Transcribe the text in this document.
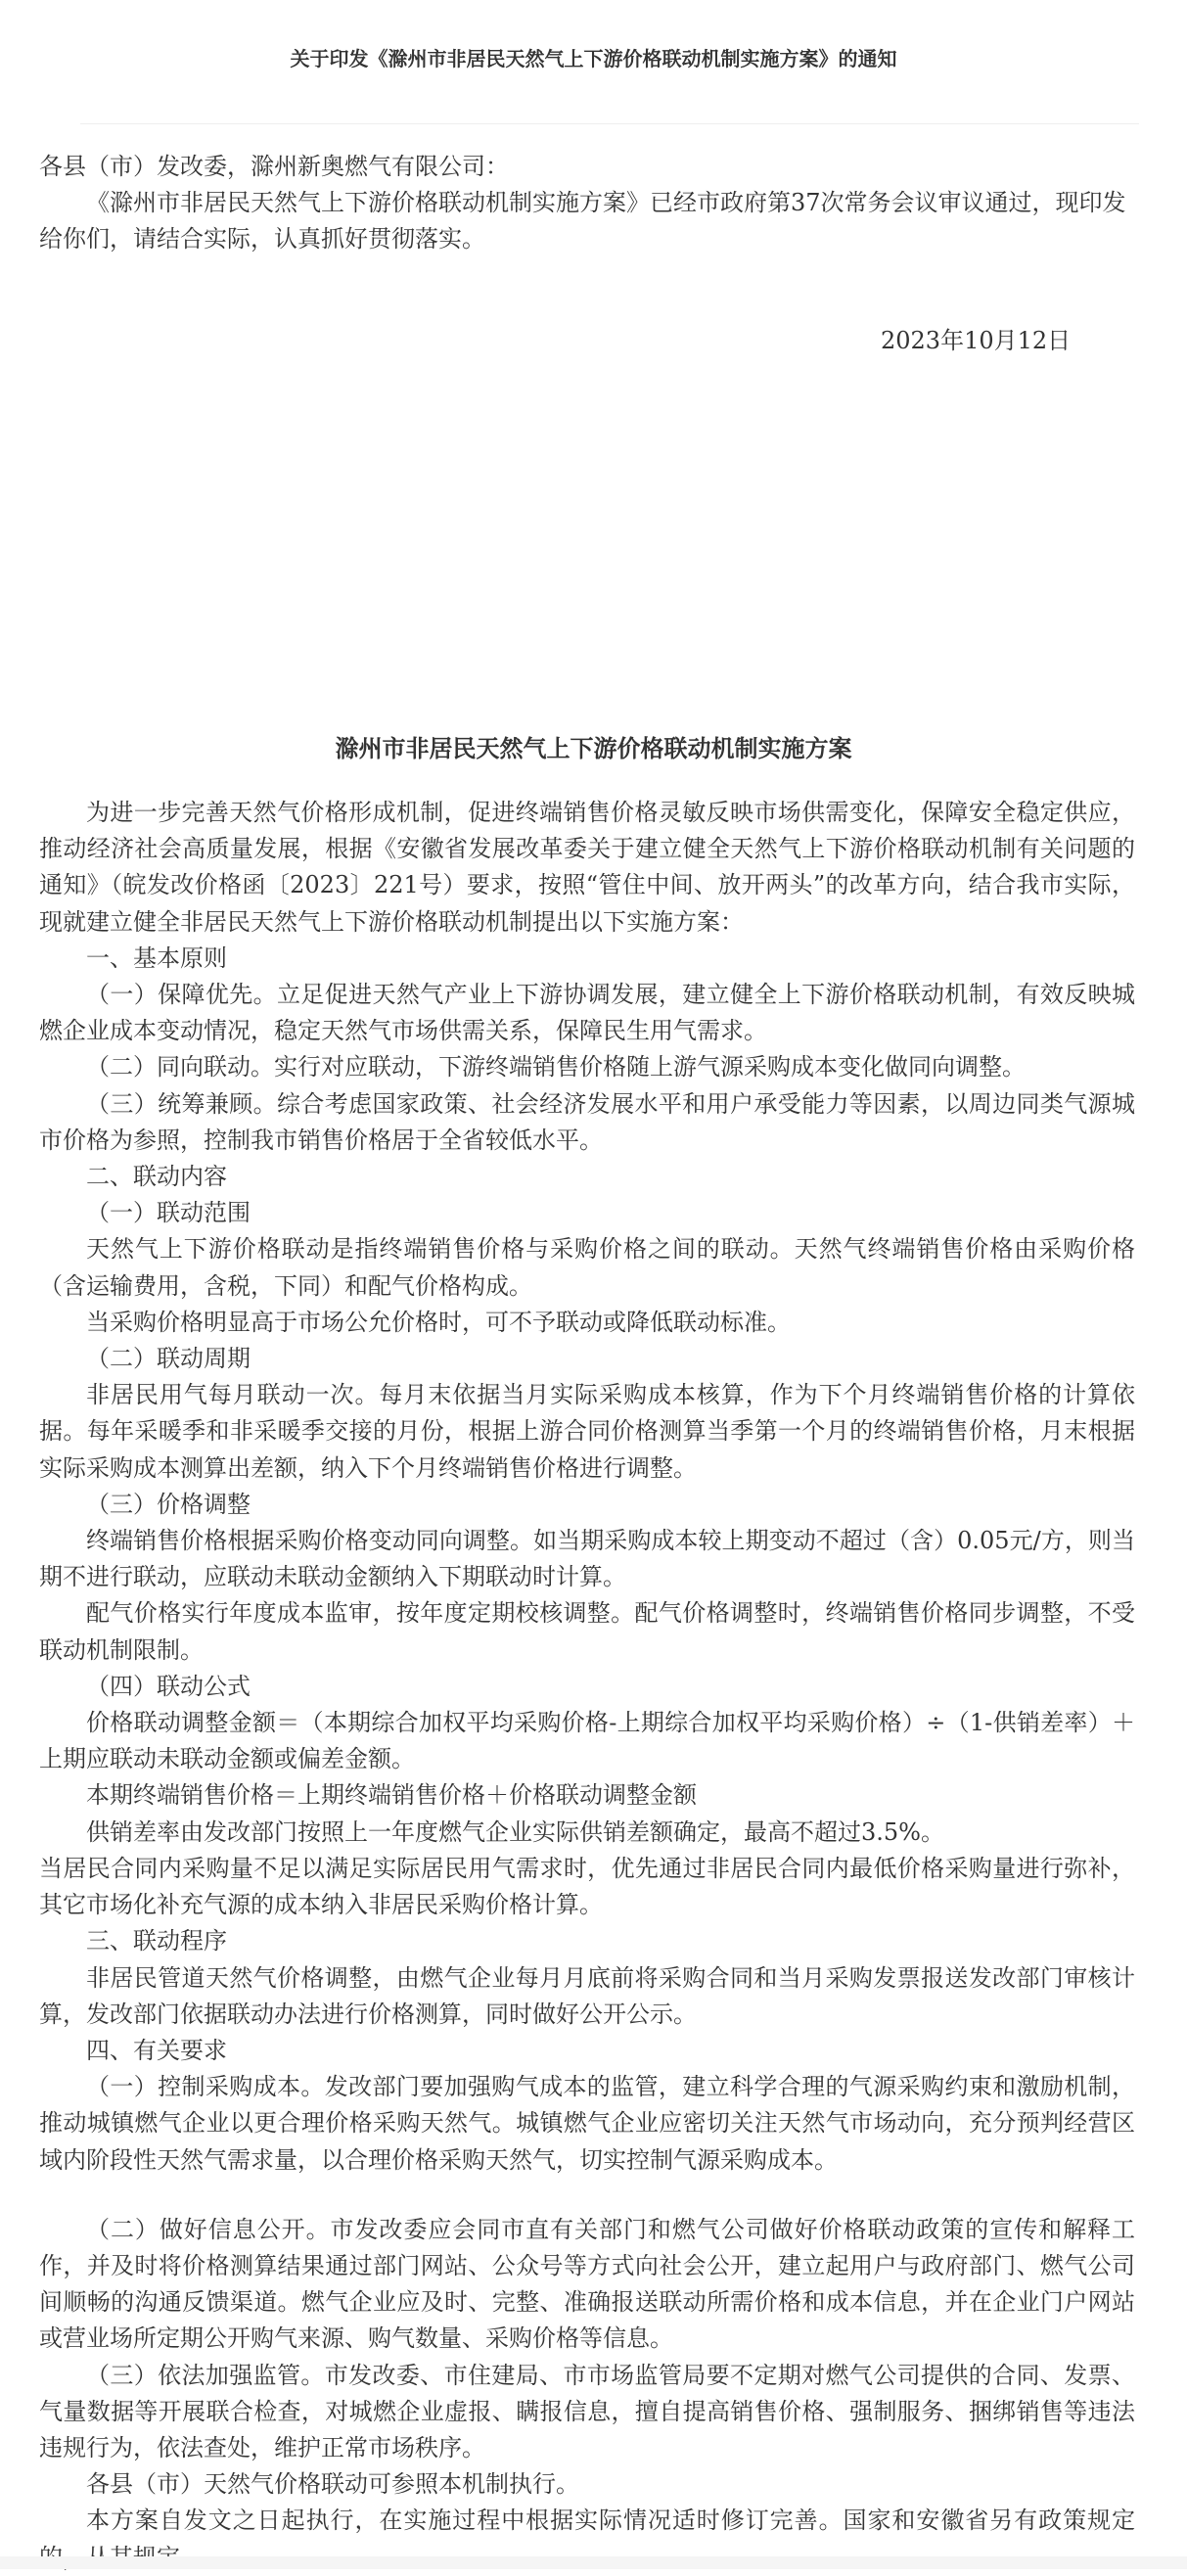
关于印发《滁州市非居民天然气上下游价格联动机制实施方案》的通知

各县（市）发改委，滁州新奥燃气有限公司：

《滁州市非居民天然气上下游价格联动机制实施方案》已经市政府第37次常务会议审议通过，现印发给你们，请结合实际，认真抓好贯彻落实。

2023年10月12日
滁州市非居民天然气上下游价格联动机制实施方案

为进一步完善天然气价格形成机制，促进终端销售价格灵敏反映市场供需变化，保障安全稳定供应，推动经济社会高质量发展，根据《安徽省发展改革委关于建立健全天然气上下游价格联动机制有关问题的通知》（皖发改价格函〔2023〕221号）要求，按照“管住中间、放开两头”的改革方向，结合我市实际，现就建立健全非居民天然气上下游价格联动机制提出以下实施方案：

一、基本原则

（一）保障优先。立足促进天然气产业上下游协调发展，建立健全上下游价格联动机制，有效反映城燃企业成本变动情况，稳定天然气市场供需关系，保障民生用气需求。

（二）同向联动。实行对应联动，下游终端销售价格随上游气源采购成本变化做同向调整。

（三）统筹兼顾。综合考虑国家政策、社会经济发展水平和用户承受能力等因素，以周边同类气源城市价格为参照，控制我市销售价格居于全省较低水平。

二、联动内容

（一）联动范围

天然气上下游价格联动是指终端销售价格与采购价格之间的联动。天然气终端销售价格由采购价格（含运输费用，含税，下同）和配气价格构成。

当采购价格明显高于市场公允价格时，可不予联动或降低联动标准。

（二）联动周期

非居民用气每月联动一次。每月末依据当月实际采购成本核算，作为下个月终端销售价格的计算依据。每年采暖季和非采暖季交接的月份，根据上游合同价格测算当季第一个月的终端销售价格，月末根据实际采购成本测算出差额，纳入下个月终端销售价格进行调整。

（三）价格调整

终端销售价格根据采购价格变动同向调整。如当期采购成本较上期变动不超过（含）0.05元/方，则当期不进行联动，应联动未联动金额纳入下期联动时计算。

配气价格实行年度成本监审，按年度定期校核调整。配气价格调整时，终端销售价格同步调整，不受联动机制限制。

（四）联动公式

价格联动调整金额＝（本期综合加权平均采购价格-上期综合加权平均采购价格）÷（1-供销差率）＋上期应联动未联动金额或偏差金额。

本期终端销售价格＝上期终端销售价格＋价格联动调整金额

供销差率由发改部门按照上一年度燃气企业实际供销差额确定，最高不超过3.5%。

当居民合同内采购量不足以满足实际居民用气需求时，优先通过非居民合同内最低价格采购量进行弥补，其它市场化补充气源的成本纳入非居民采购价格计算。

三、联动程序

非居民管道天然气价格调整，由燃气企业每月月底前将采购合同和当月采购发票报送发改部门审核计算，发改部门依据联动办法进行价格测算，同时做好公开公示。

四、有关要求

（一）控制采购成本。发改部门要加强购气成本的监管，建立科学合理的气源采购约束和激励机制，推动城镇燃气企业以更合理价格采购天然气。城镇燃气企业应密切关注天然气市场动向，充分预判经营区域内阶段性天然气需求量，以合理价格采购天然气，切实控制气源采购成本。

（二）做好信息公开。市发改委应会同市直有关部门和燃气公司做好价格联动政策的宣传和解释工作，并及时将价格测算结果通过部门网站、公众号等方式向社会公开，建立起用户与政府部门、燃气公司间顺畅的沟通反馈渠道。燃气企业应及时、完整、准确报送联动所需价格和成本信息，并在企业门户网站或营业场所定期公开购气来源、购气数量、采购价格等信息。

（三）依法加强监管。市发改委、市住建局、市市场监管局要不定期对燃气公司提供的合同、发票、气量数据等开展联合检查，对城燃企业虚报、瞒报信息，擅自提高销售价格、强制服务、捆绑销售等违法违规行为，依法查处，维护正常市场秩序。

各县（市）天然气价格联动可参照本机制执行。

本方案自发文之日起执行，在实施过程中根据实际情况适时修订完善。国家和安徽省另有政策规定
